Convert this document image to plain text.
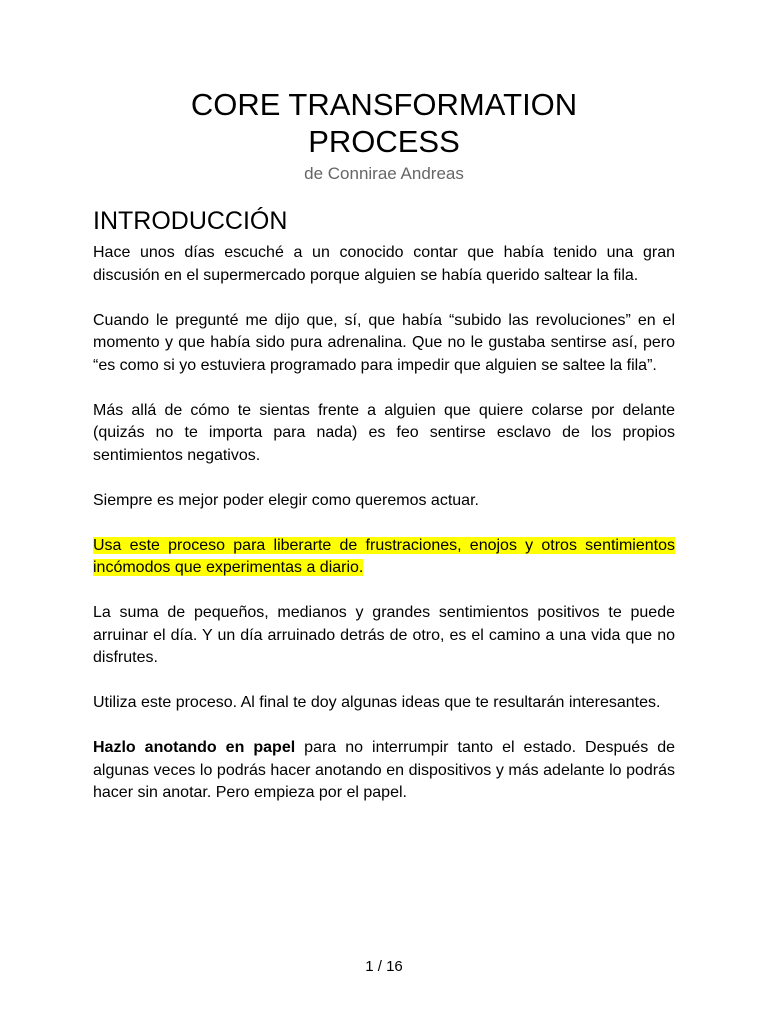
CORE TRANSFORMATION
PROCESS
de Connirae Andreas
INTRODUCCIÓN

Hace unos días escuché a un conocido contar que había tenido una gran discusión en el supermercado porque alguien se había querido saltear la fila.

Cuando le pregunté me dijo que, sí, que había “subido las revoluciones” en el momento y que había sido pura adrenalina. Que no le gustaba sentirse así, pero “es como si yo estuviera programado para impedir que alguien se saltee la fila”.

Más allá de cómo te sientas frente a alguien que quiere colarse por delante (quizás no te importa para nada) es feo sentirse esclavo de los propios sentimientos negativos.

Siempre es mejor poder elegir como queremos actuar.

Usa este proceso para liberarte de frustraciones, enojos y otros sentimientos incómodos que experimentas a diario.

La suma de pequeños, medianos y grandes sentimientos positivos te puede arruinar el día. Y un día arruinado detrás de otro, es el camino a una vida que no disfrutes.

Utiliza este proceso. Al final te doy algunas ideas que te resultarán interesantes.

Hazlo anotando en papel para no interrumpir tanto el estado. Después de algunas veces lo podrás hacer anotando en dispositivos y más adelante lo podrás hacer sin anotar. Pero empieza por el papel.

1 / 16
